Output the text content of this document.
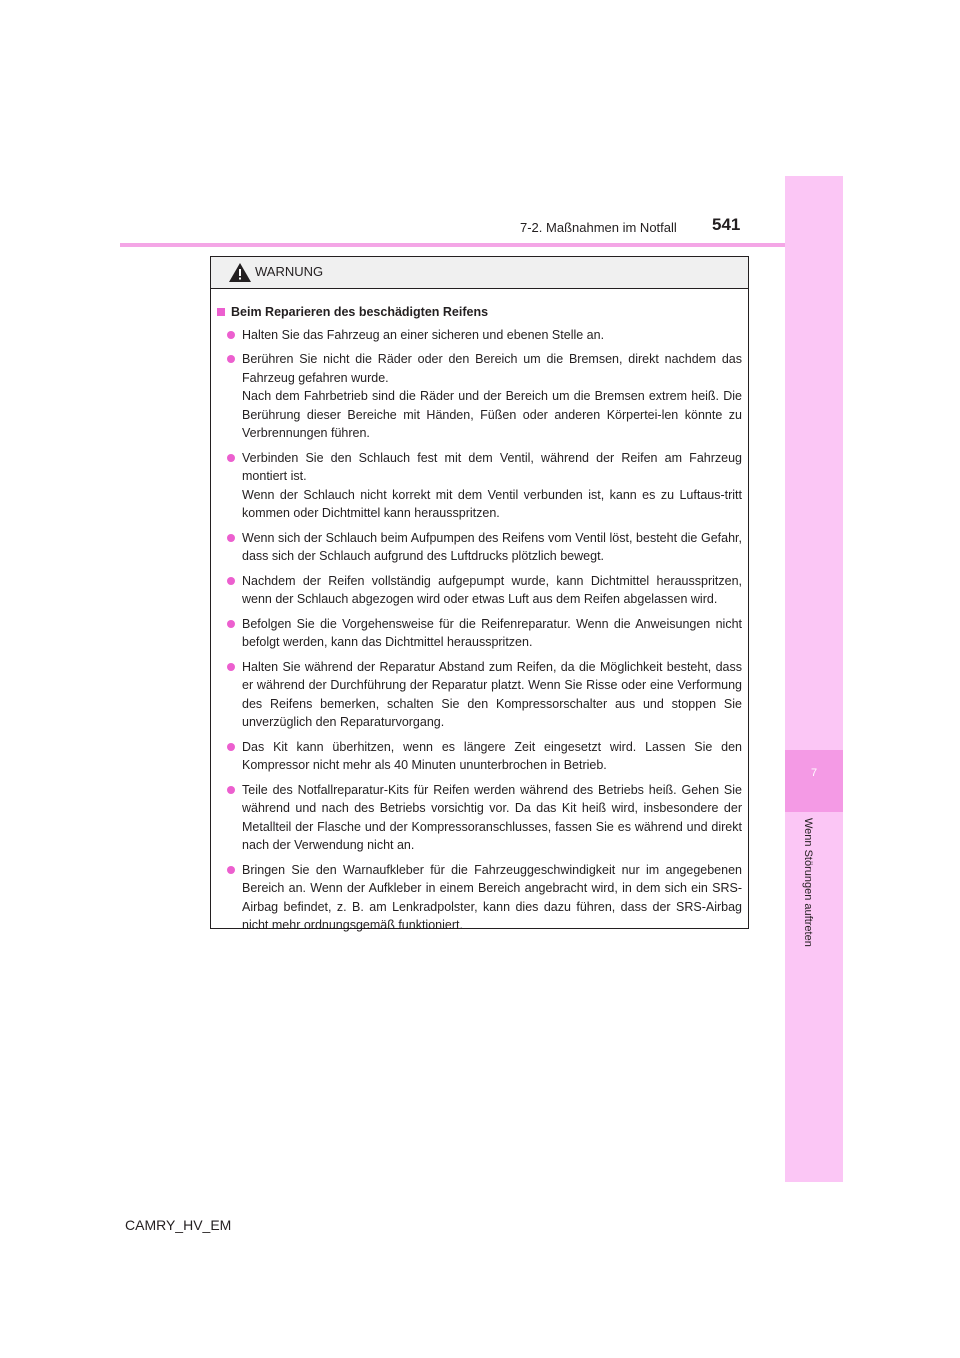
7-2. Maßnahmen im Notfall 541
7
Wenn Störungen auftreten
WARNUNG
Beim Reparieren des beschädigten Reifens
Halten Sie das Fahrzeug an einer sicheren und ebenen Stelle an.
Berühren Sie nicht die Räder oder den Bereich um die Bremsen, direkt nachdem das Fahrzeug gefahren wurde.
Nach dem Fahrbetrieb sind die Räder und der Bereich um die Bremsen extrem heiß. Die Berührung dieser Bereiche mit Händen, Füßen oder anderen Körpertei-len könnte zu Verbrennungen führen.
Verbinden Sie den Schlauch fest mit dem Ventil, während der Reifen am Fahrzeug montiert ist.
Wenn der Schlauch nicht korrekt mit dem Ventil verbunden ist, kann es zu Luftaus-tritt kommen oder Dichtmittel kann herausspritzen.
Wenn sich der Schlauch beim Aufpumpen des Reifens vom Ventil löst, besteht die Gefahr, dass sich der Schlauch aufgrund des Luftdrucks plötzlich bewegt.
Nachdem der Reifen vollständig aufgepumpt wurde, kann Dichtmittel herausspritzen, wenn der Schlauch abgezogen wird oder etwas Luft aus dem Reifen abgelassen wird.
Befolgen Sie die Vorgehensweise für die Reifenreparatur. Wenn die Anweisungen nicht befolgt werden, kann das Dichtmittel herausspritzen.
Halten Sie während der Reparatur Abstand zum Reifen, da die Möglichkeit besteht, dass er während der Durchführung der Reparatur platzt. Wenn Sie Risse oder eine Verformung des Reifens bemerken, schalten Sie den Kompressorschalter aus und stoppen Sie unverzüglich den Reparaturvorgang.
Das Kit kann überhitzen, wenn es längere Zeit eingesetzt wird. Lassen Sie den Kompressor nicht mehr als 40 Minuten ununterbrochen in Betrieb.
Teile des Notfallreparatur-Kits für Reifen werden während des Betriebs heiß. Gehen Sie während und nach des Betriebs vorsichtig vor. Da das Kit heiß wird, insbesondere der Metallteil der Flasche und der Kompressoranschlusses, fassen Sie es während und direkt nach der Verwendung nicht an.
Bringen Sie den Warnaufkleber für die Fahrzeuggeschwindigkeit nur im angegebenen Bereich an. Wenn der Aufkleber in einem Bereich angebracht wird, in dem sich ein SRS-Airbag befindet, z. B. am Lenkradpolster, kann dies dazu führen, dass der SRS-Airbag nicht mehr ordnungsgemäß funktioniert.
CAMRY_HV_EM
